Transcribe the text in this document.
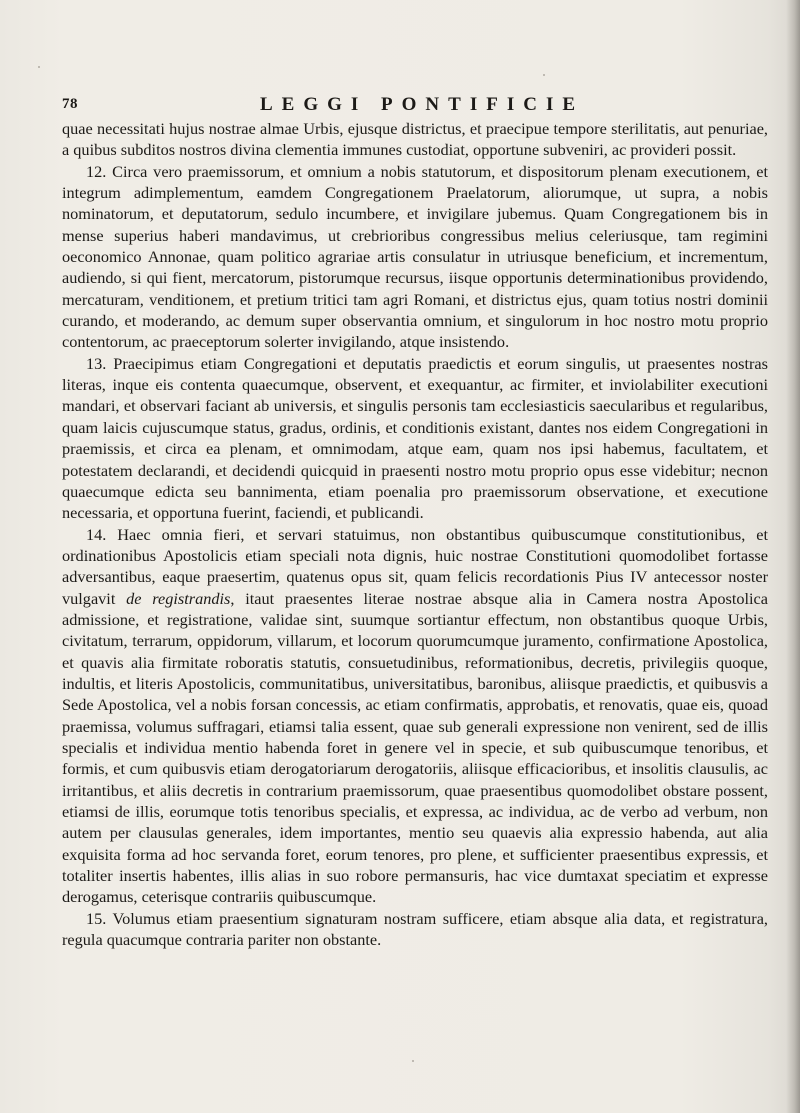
78	LEGGI PONTIFICIE

quae necessitati hujus nostrae almae Urbis, ejusque districtus, et praecipue tempore sterilitatis, aut penuriae, a quibus subditos nostros divina clementia immunes custodiat, opportune subveniri, ac provideri possit.

12. Circa vero praemissorum, et omnium a nobis statutorum, et dispositorum plenam executionem, et integrum adimplementum, eamdem Congregationem Praelatorum, aliorumque, ut supra, a nobis nominatorum, et deputatorum, sedulo incumbere, et invigilare jubemus. Quam Congregationem bis in mense superius haberi mandavimus, ut crebrioribus congressibus melius celeriusque, tam regimini oeconomico Annonae, quam politico agrariae artis consulatur in utriusque beneficium, et incrementum, audiendo, si qui fient, mercatorum, pistorumque recursus, iisque opportunis determinationibus providendo, mercaturam, venditionem, et pretium tritici tam agri Romani, et districtus ejus, quam totius nostri dominii curando, et moderando, ac demum super observantia omnium, et singulorum in hoc nostro motu proprio contentorum, ac praeceptorum solerter invigilando, atque insistendo.

13. Praecipimus etiam Congregationi et deputatis praedictis et eorum singulis, ut praesentes nostras literas, inque eis contenta quaecumque, observent, et exequantur, ac firmiter, et inviolabiliter executioni mandari, et observari faciant ab universis, et singulis personis tam ecclesiasticis saecularibus et regularibus, quam laicis cujuscumque status, gradus, ordinis, et conditionis existant, dantes nos eidem Congregationi in praemissis, et circa ea plenam, et omnimodam, atque eam, quam nos ipsi habemus, facultatem, et potestatem declarandi, et decidendi quicquid in praesenti nostro motu proprio opus esse videbitur; necnon quaecumque edicta seu bannimenta, etiam poenalia pro praemissorum observatione, et executione necessaria, et opportuna fuerint, faciendi, et publicandi.

14. Haec omnia fieri, et servari statuimus, non obstantibus quibuscumque constitutionibus, et ordinationibus Apostolicis etiam speciali nota dignis, huic nostrae Constitutioni quomodolibet fortasse adversantibus, eaque praesertim, quatenus opus sit, quam felicis recordationis Pius IV antecessor noster vulgavit de registrandis, itaut praesentes literae nostrae absque alia in Camera nostra Apostolica admissione, et registratione, validae sint, suumque sortiantur effectum, non obstantibus quoque Urbis, civitatum, terrarum, oppidorum, villarum, et locorum quorumcumque juramento, confirmatione Apostolica, et quavis alia firmitate roboratis statutis, consuetudinibus, reformationibus, decretis, privilegiis quoque, indultis, et literis Apostolicis, communitatibus, universitatibus, baronibus, aliisque praedictis, et quibusvis a Sede Apostolica, vel a nobis forsan concessis, ac etiam confirmatis, approbatis, et renovatis, quae eis, quoad praemissa, volumus suffragari, etiamsi talia essent, quae sub generali expressione non venirent, sed de illis specialis et individua mentio habenda foret in genere vel in specie, et sub quibuscumque tenoribus, et formis, et cum quibusvis etiam derogatoriarum derogatoriis, aliisque efficacioribus, et insolitis clausulis, ac irritantibus, et aliis decretis in contrarium praemissorum, quae praesentibus quomodolibet obstare possent, etiamsi de illis, eorumque totis tenoribus specialis, et expressa, ac individua, ac de verbo ad verbum, non autem per clausulas generales, idem importantes, mentio seu quaevis alia expressio habenda, aut alia exquisita forma ad hoc servanda foret, eorum tenores, pro plene, et sufficienter praesentibus expressis, et totaliter insertis habentes, illis alias in suo robore permansuris, hac vice dumtaxat speciatim et expresse derogamus, ceterisque contrariis quibuscumque.

15. Volumus etiam praesentium signaturam nostram sufficere, etiam absque alia data, et registratura, regula quacumque contraria pariter non obstante.
